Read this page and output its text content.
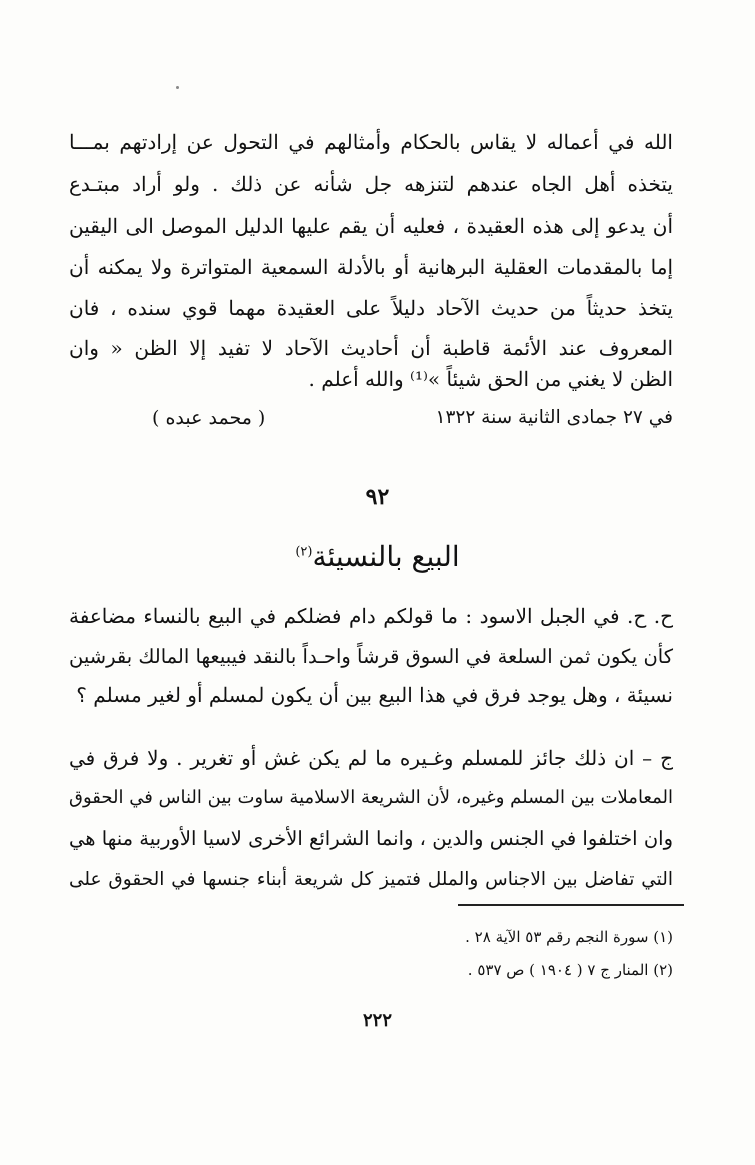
الله في أعماله لا يقاس بالحكام وأمثالهم في التحول عن إرادتهم بمـــا
يتخذه أهل الجاه عندهم لتنزهه جل شأنه عن ذلك . ولو أراد مبتـدع
أن يدعو إلى هذه العقيدة ، فعليه أن يقم عليها الدليل الموصل الى اليقين
إما بالمقدمات العقلية البرهانية أو بالأدلة السمعية المتواترة ولا يمكنه أن
يتخذ حديثاً من حديث الآحاد دليلاً على العقيدة مهما قوي سنده ، فان
المعروف عند الأئمة قاطبة أن أحاديث الآحاد لا تفيد إلا الظن « وان
الظن لا يغني من الحق شيئاً »⁽¹⁾ والله أعلم .
في ٢٧ جمادى الثانية سنة ١٣٢٢
( محمد عبده )
٩٢
البيع بالنسيئة$^{(٢)}$
ح. ح. في الجبل الاسود : ما قولكم دام فضلكم في البيع بالنساء مضاعفة
كأن يكون ثمن السلعة في السوق قرشاً واحـداً بالنقد فيبيعها المالك بقرشين
نسيئة ، وهل يوجد فرق في هذا البيع بين أن يكون لمسلم أو لغير مسلم ؟
ج – ان ذلك جائز للمسلم وغـيره ما لم يكن غش أو تغرير . ولا فرق في
المعاملات بين المسلم وغيره، لأن الشريعة الاسلامية ساوت بين الناس في الحقوق
وان اختلفوا في الجنس والدين ، وانما الشرائع الأخرى لاسيا الأوربية منها هي
التي تفاضل بين الاجناس والملل فتميز كل شريعة أبناء جنسها في الحقوق على
(١) سورة النجم رقم ٥٣ الآية ٢٨ .
(٢) المنار ج ٧ ( ١٩٠٤ ) ص ٥٣٧ .
٢٢٢
